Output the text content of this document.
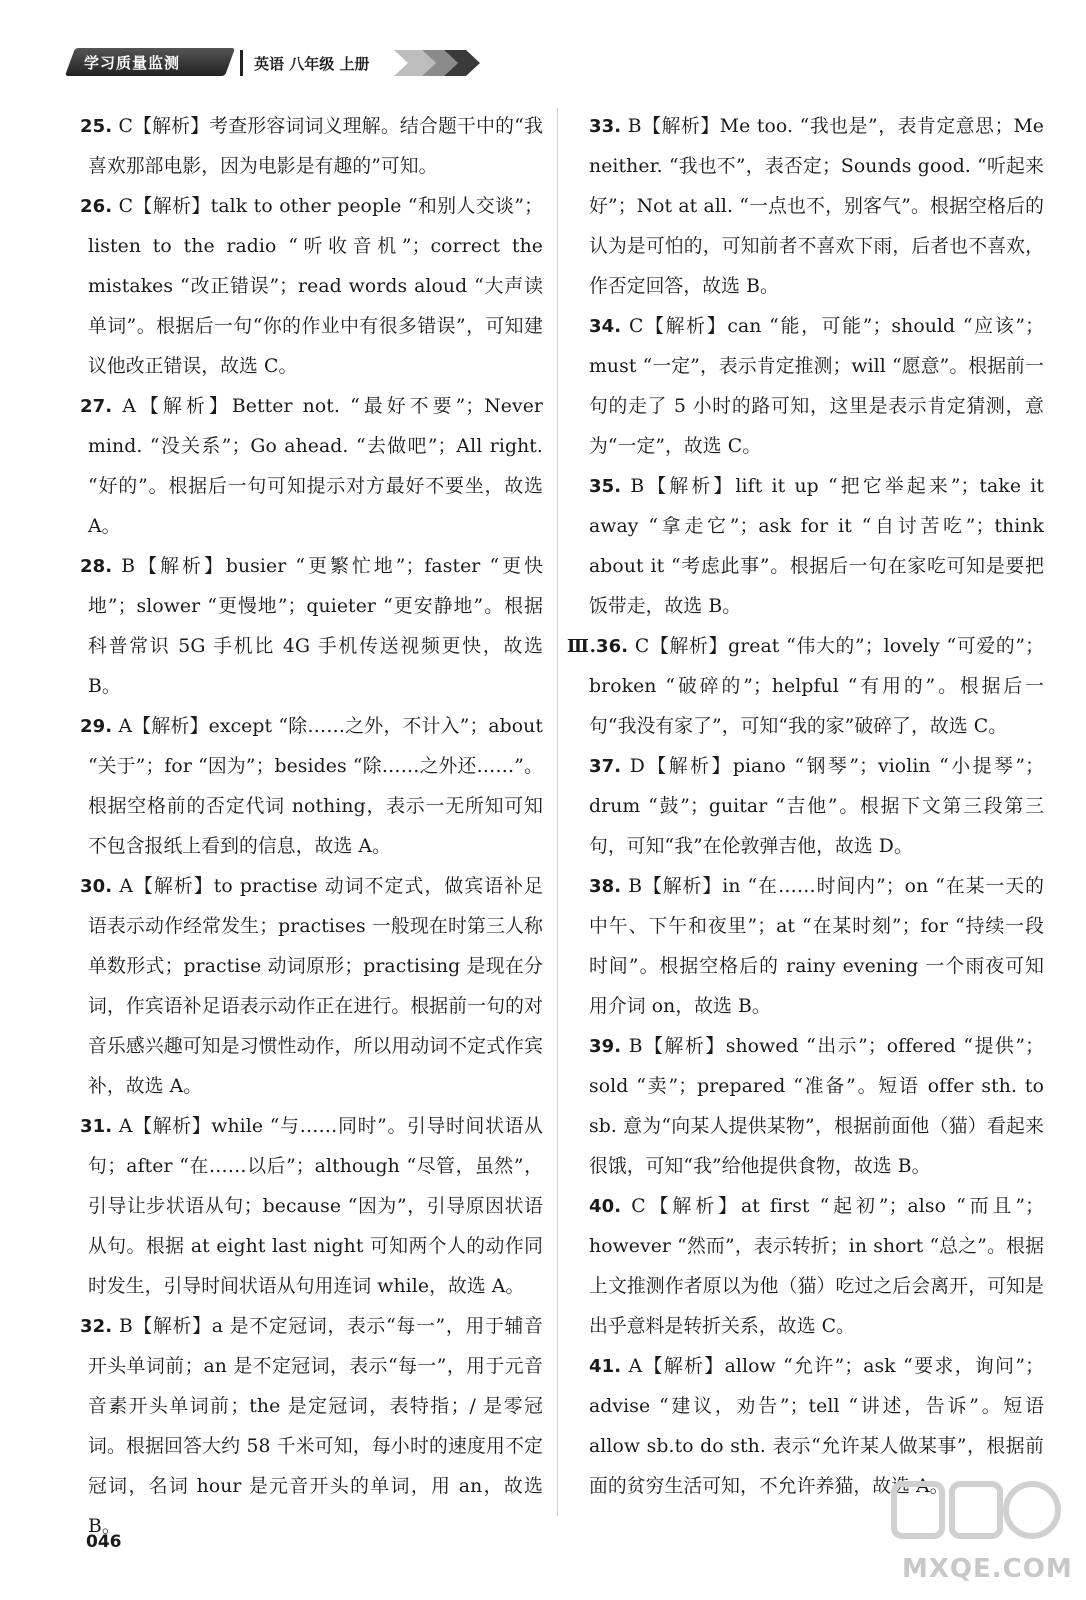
学习质量监测	英语 八年级 上册

25. C【解析】考查形容词词义理解。结合题干中的“我喜欢那部电影，因为电影是有趣的”可知。

26. C【解析】talk to other people “和别人交谈”；listen to the radio “听收音机”；correct the mistakes “改正错误”；read words aloud “大声读单词”。根据后一句“你的作业中有很多错误”，可知建议他改正错误，故选 C。

27. A【解析】Better not. “最好不要”；Never mind. “没关系”；Go ahead. “去做吧”；All right. “好的”。根据后一句可知提示对方最好不要坐，故选 A。

28. B【解析】busier “更繁忙地”；faster “更快地”；slower “更慢地”；quieter “更安静地”。根据科普常识 5G 手机比 4G 手机传送视频更快，故选 B。

29. A【解析】except “除……之外，不计入”；about “关于”；for “因为”；besides “除……之外还……”。根据空格前的否定代词 nothing，表示一无所知可知不包含报纸上看到的信息，故选 A。

30. A【解析】to practise 动词不定式，做宾语补足语表示动作经常发生；practises 一般现在时第三人称单数形式；practise 动词原形；practising 是现在分词，作宾语补足语表示动作正在进行。根据前一句的对音乐感兴趣可知是习惯性动作，所以用动词不定式作宾补，故选 A。

31. A【解析】while “与……同时”。引导时间状语从句；after “在……以后”；although “尽管，虽然”，引导让步状语从句；because “因为”，引导原因状语从句。根据 at eight last night 可知两个人的动作同时发生，引导时间状语从句用连词 while，故选 A。

32. B【解析】a 是不定冠词，表示“每一”，用于辅音开头单词前；an 是不定冠词，表示“每一”，用于元音音素开头单词前；the 是定冠词，表特指；/ 是零冠词。根据回答大约 58 千米可知，每小时的速度用不定冠词，名词 hour 是元音开头的单词，用 an，故选 B。

33. B【解析】Me too. “我也是”，表肯定意思；Me neither. “我也不”，表否定；Sounds good. “听起来好”；Not at all. “一点也不，别客气”。根据空格后的认为是可怕的，可知前者不喜欢下雨，后者也不喜欢，作否定回答，故选 B。

34. C【解析】can “能，可能”；should “应该”；must “一定”，表示肯定推测；will “愿意”。根据前一句的走了 5 小时的路可知，这里是表示肯定猜测，意为“一定”，故选 C。

35. B【解析】lift it up “把它举起来”；take it away “拿走它”；ask for it “自讨苦吃”；think about it “考虑此事”。根据后一句在家吃可知是要把饭带走，故选 B。

Ⅲ.36. C【解析】great “伟大的”；lovely “可爱的”；broken “破碎的”；helpful “有用的”。根据后一句“我没有家了”，可知“我的家”破碎了，故选 C。

37. D【解析】piano “钢琴”；violin “小提琴”；drum “鼓”；guitar “吉他”。根据下文第三段第三句，可知“我”在伦敦弹吉他，故选 D。

38. B【解析】in “在……时间内”；on “在某一天的中午、下午和夜里”；at “在某时刻”；for “持续一段时间”。根据空格后的 rainy evening 一个雨夜可知用介词 on，故选 B。

39. B【解析】showed “出示”；offered “提供”；sold “卖”；prepared “准备”。短语 offer sth. to sb. 意为“向某人提供某物”，根据前面他（猫）看起来很饿，可知“我”给他提供食物，故选 B。

40. C【解析】at first “起初”；also “而且”；however “然而”，表示转折；in short “总之”。根据上文推测作者原以为他（猫）吃过之后会离开，可知是出乎意料是转折关系，故选 C。

41. A【解析】allow “允许”；ask “要求，询问”；advise “建议，劝告”；tell “讲述，告诉”。短语 allow sb.to do sth. 表示“允许某人做某事”，根据前面的贫穷生活可知，不允许养猫，故选 A。

046
MXQE.COM
